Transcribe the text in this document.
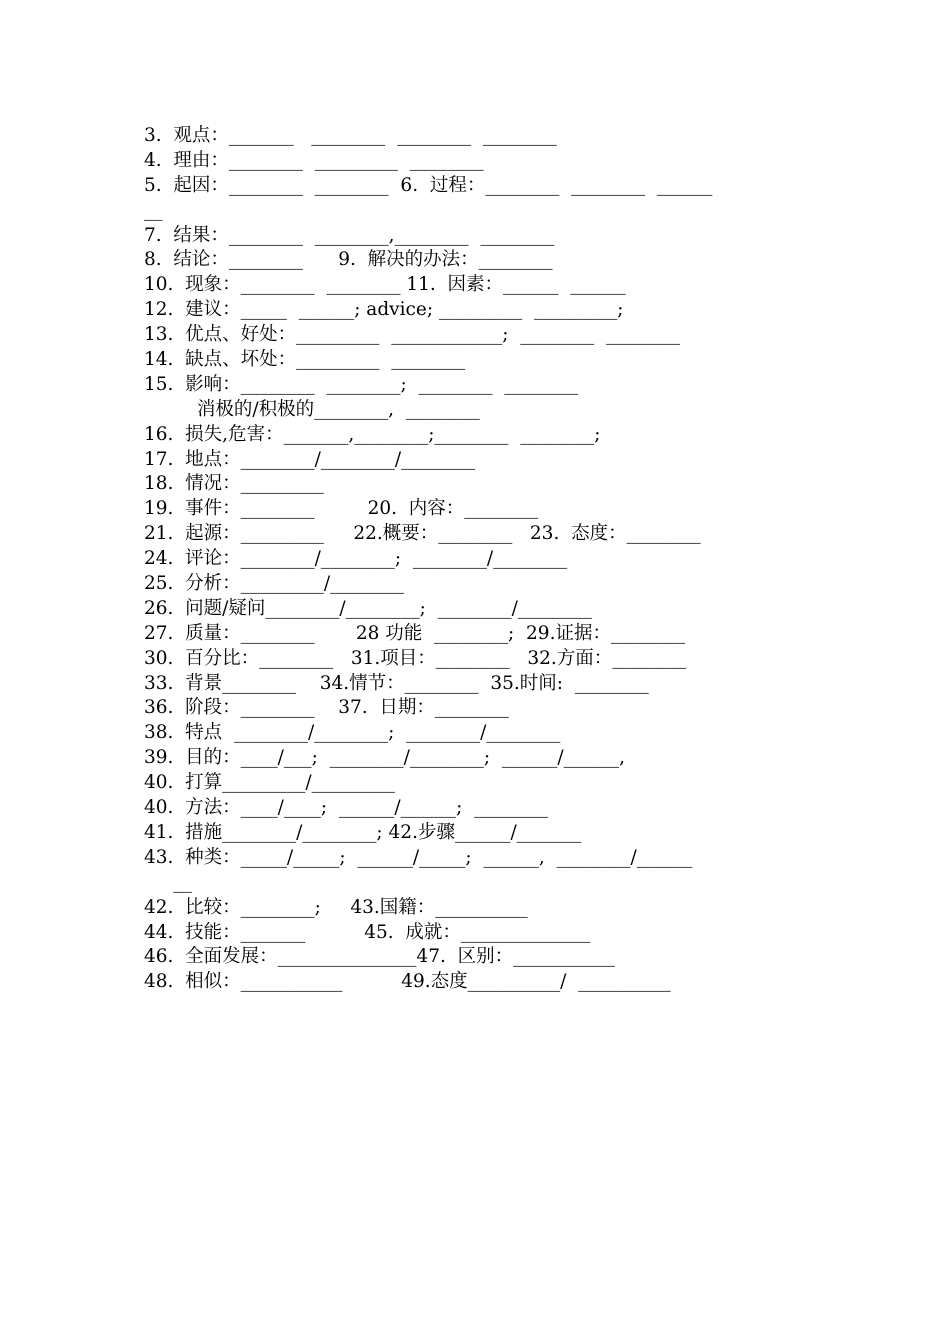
3.  观点：_______   ________  ________  ________
4.  理由：________  _________  ________
5.  起因：________  ________  6.  过程：________  ________  ______
__
7.  结果：________  ________,________  ________
8.  结论：________      9.  解决的办法：________
10.  现象：________  ________ 11.  因素：______  ______
12.  建议：_____  ______; advice; _________  _________;
13.  优点、好处：_________  ____________;  ________  ________
14.  缺点、坏处：_________  ________
15.  影响：________  ________;  ________  ________
消极的/积极的________,  ________
16.  损失,危害：_______,________;________  ________;
17.  地点：________/________/________
18.  情况：_________
19.  事件：________         20.  内容：________
21.  起源：_________     22.概要：________   23.  态度：________
24.  评论：________/________;  ________/________
25.  分析：_________/________
26.  问题/疑问________/________;  ________/________
27.  质量：________       28 功能  ________;  29.证据：________
30.  百分比：________   31.项目：________   32.方面：________
33.  背景________    34.情节：________  35.时间:  ________
36.  阶段：________    37.  日期：________
38.  特点  ________/________;  ________/________
39.  目的：____/___;  ________/________;  ______/______,
40.  打算_________/_________
40.  方法：____/____;  ______/______;  ________
41.  措施________/________; 42.步骤______/_______
43.  种类：_____/_____;  ______/_____;  ______,  ________/______
__
42.  比较：________;     43.国籍：__________
44.  技能：_______          45.  成就：______________
46.  全面发展：_______________47.  区别：___________
48.  相似：___________          49.态度__________/  __________
